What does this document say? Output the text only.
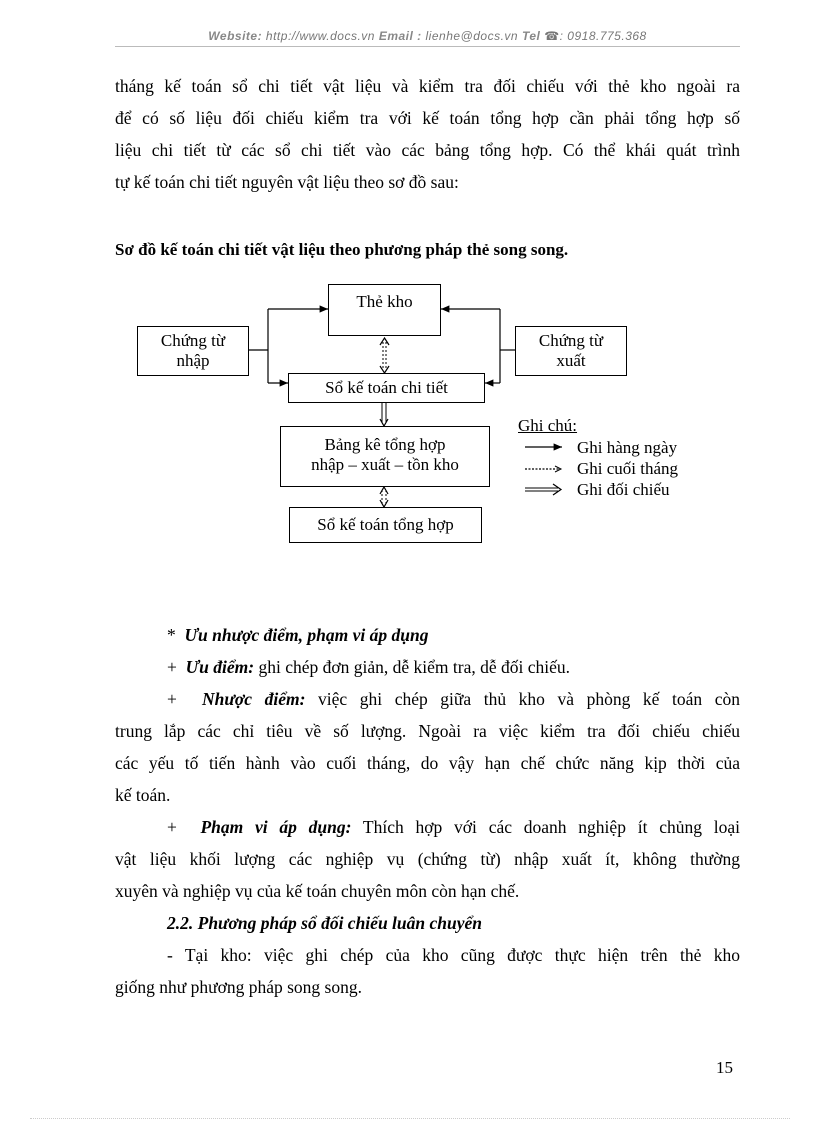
Website: http://www.docs.vn Email : lienhe@docs.vn Tel ☎: 0918.775.368
tháng kế toán sổ chi tiết vật liệu và kiểm tra đối chiếu với thẻ kho ngoài ra
để có số liệu đối chiếu kiểm tra với kế toán tổng hợp cần phải tổng hợp số
liệu chi tiết từ các sổ chi tiết vào các bảng tổng hợp. Có thể khái quát trình
tự kế toán chi tiết nguyên vật liệu theo sơ đồ sau:
Sơ đồ kế toán chi tiết vật liệu theo phương pháp thẻ song song.
Thẻ kho
Chứng từ
nhập
Chứng từ
xuất
Sổ kế toán chi tiết
Bảng kê tổng hợp
nhập – xuất – tồn kho
Sổ kế toán tổng hợp
Ghi chú:
Ghi hàng ngày
Ghi cuối tháng
Ghi đối chiếu
* Ưu nhược điểm, phạm vi áp dụng
+ Ưu điểm: ghi chép đơn giản, dễ kiểm tra, dễ đối chiếu.
+ Nhược điểm: việc ghi chép giữa thủ kho và phòng kế toán còn
trung lắp các chỉ tiêu về số lượng. Ngoài ra việc kiểm tra đối chiếu chiếu
các yếu tố tiến hành vào cuối tháng, do vậy hạn chế chức năng kịp thời của
kế toán.
+ Phạm vi áp dụng: Thích hợp với các doanh nghiệp ít chủng loại
vật liệu khối lượng các nghiệp vụ (chứng từ) nhập xuất ít, không thường
xuyên và nghiệp vụ của kế toán chuyên môn còn hạn chế.
2.2. Phương pháp sổ đối chiếu luân chuyển
- Tại kho: việc ghi chép của kho cũng được thực hiện trên thẻ kho
giống như phương pháp song song.
15
